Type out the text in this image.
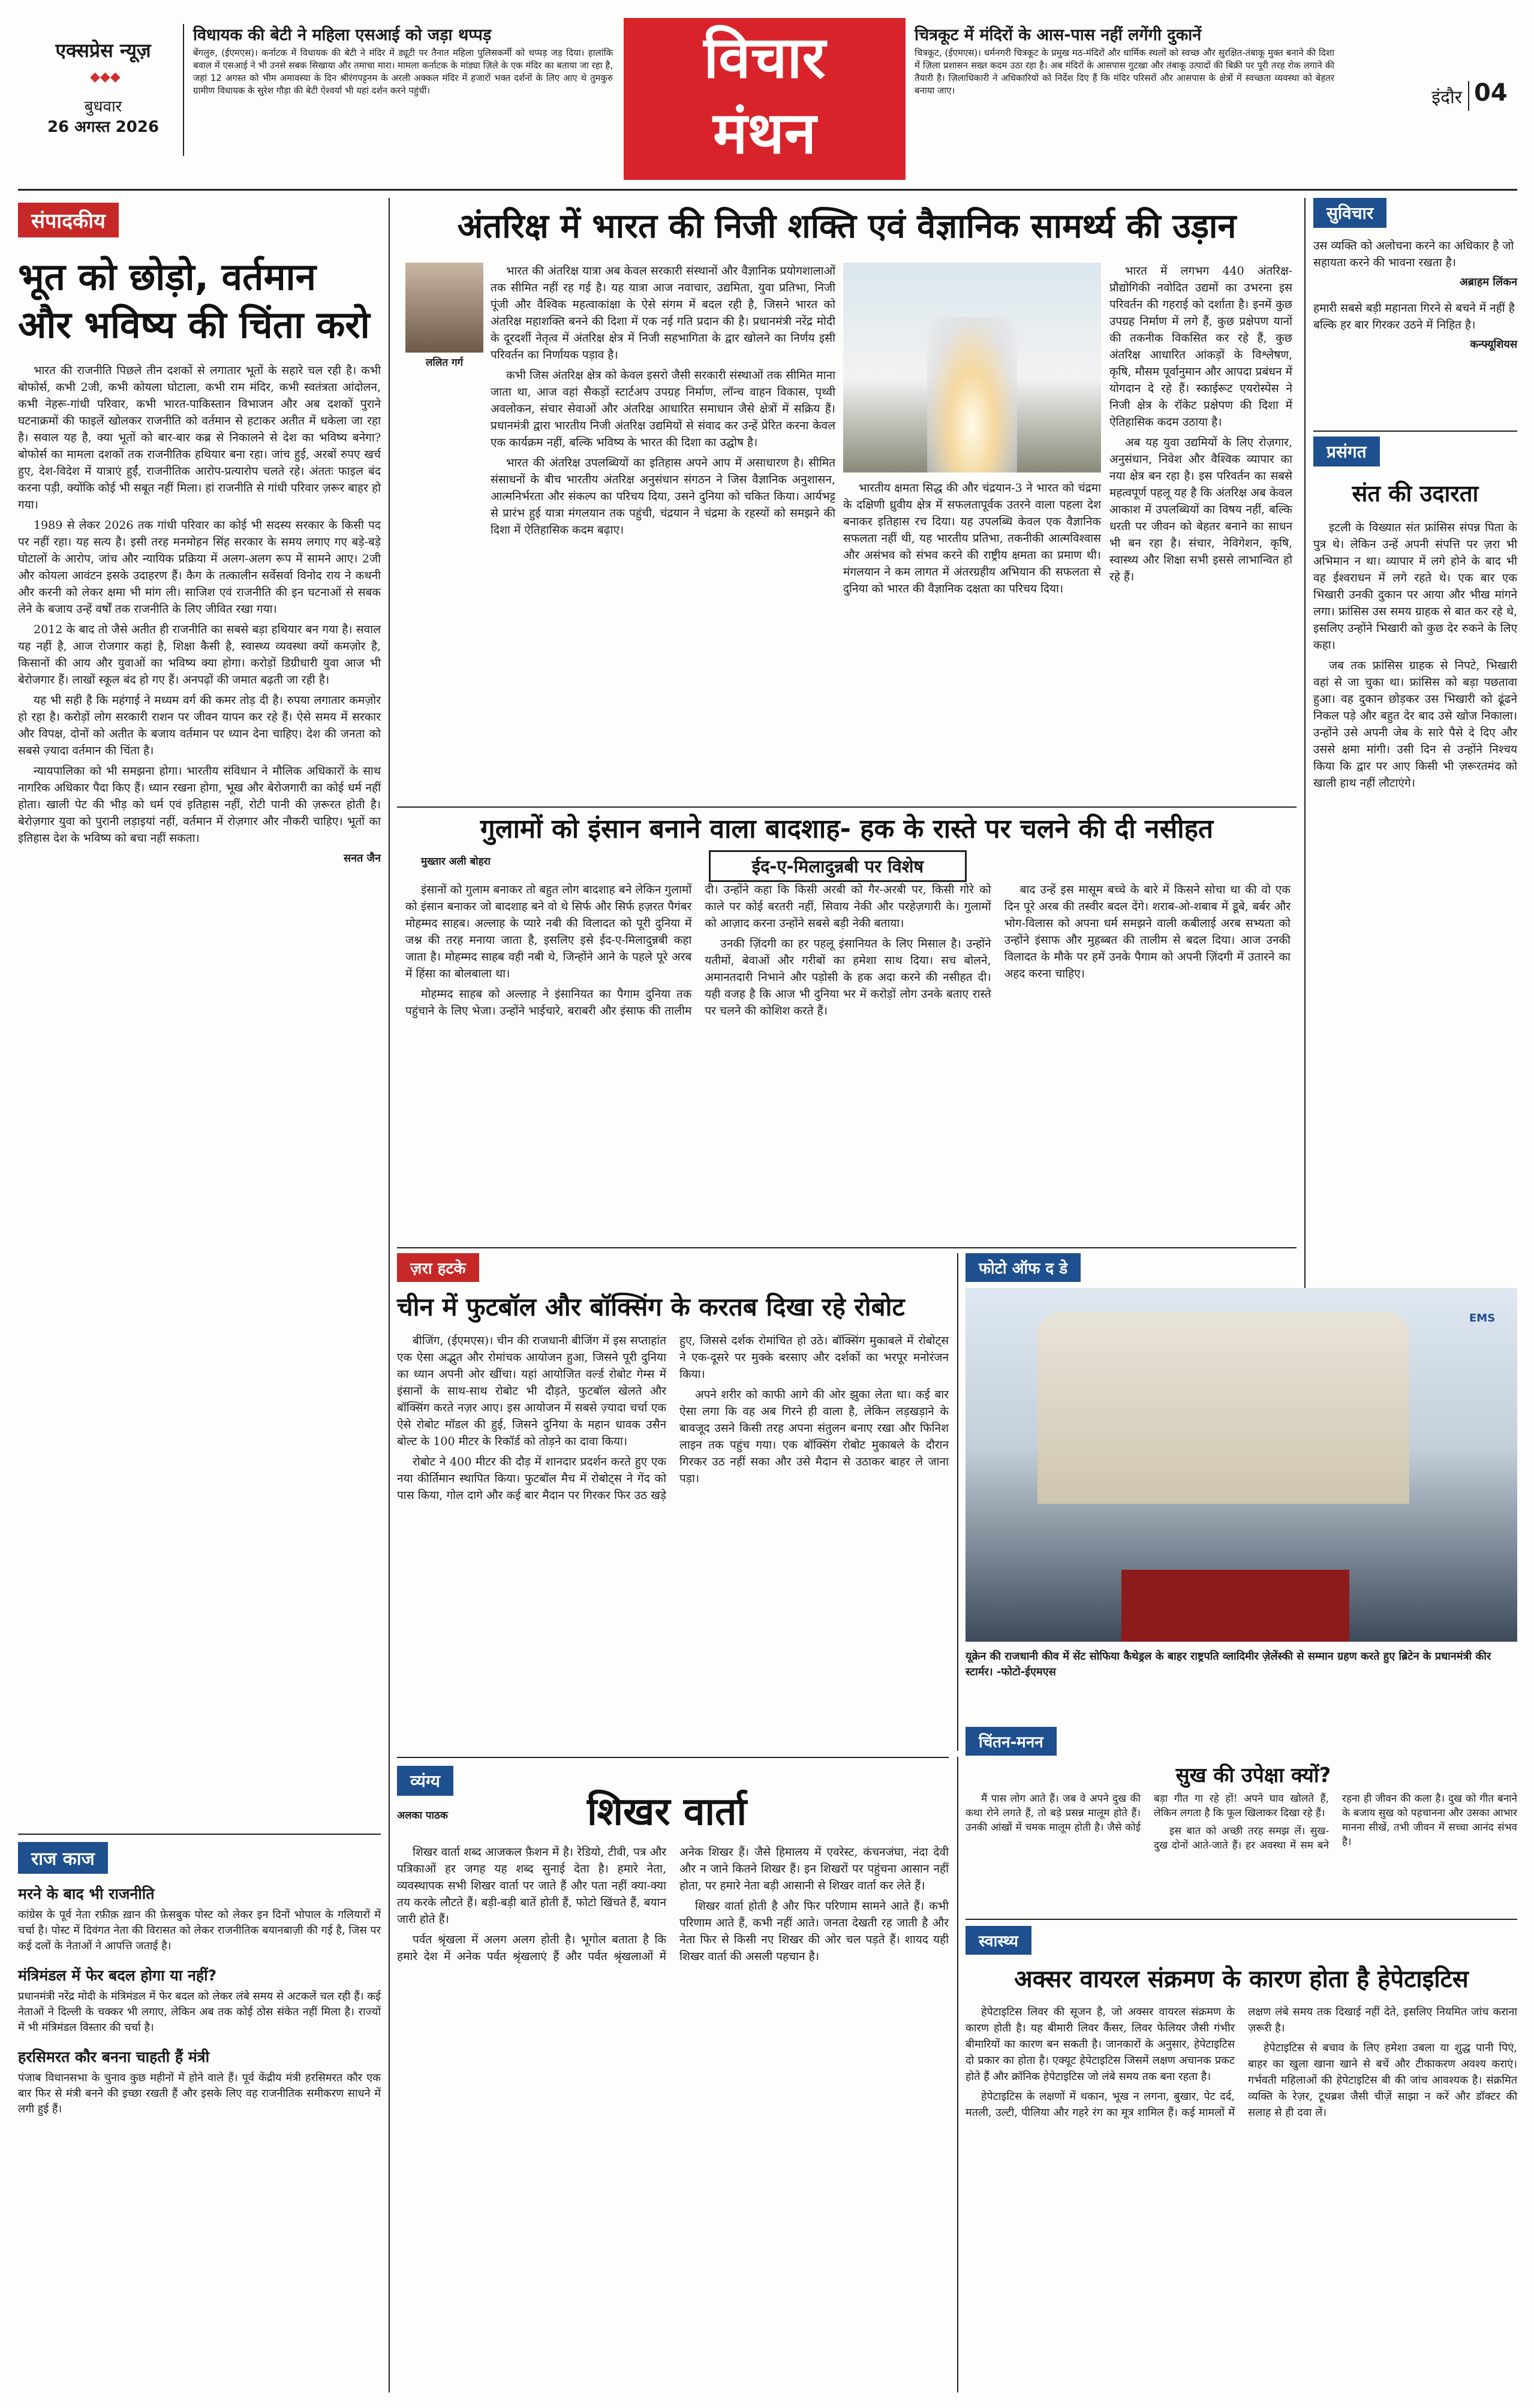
एक्सप्रेस न्यूज़
◆◆◆
बुधवार
26 अगस्त 2026
विधायक की बेटी ने महिला एसआई को जड़ा थप्पड़
बेंगलुरु, (ईएमएस)। कर्नाटक में विधायक की बेटी ने मंदिर में ड्यूटी पर तैनात महिला पुलिसकर्मी को थप्पड़ जड़ दिया। हालांकि बवाल में एसआई ने भी उनसे सबक सिखाया और तमाचा मारा। मामला कर्नाटक के मांड्या ज़िले के एक मंदिर का बताया जा रहा है, जहां 12 अगस्त को भीम अमावस्या के दिन श्रीरंगपट्टनम के अरली अक्कल मंदिर में हजारों भक्त दर्शनों के लिए आए थे तुमकुरु ग्रामीण विधायक के सुरेश गौड़ा की बेटी ऐश्वर्या भी यहां दर्शन करने पहुंचीं।	विचार
मंथन
चित्रकूट में मंदिरों के आस-पास नहीं लगेंगी दुकानें
चित्रकूट, (ईएमएस)। धर्मनगरी चित्रकूट के प्रमुख मठ-मंदिरों और धार्मिक स्थलों को स्वच्छ और सुरक्षित-तंबाकू मुक्त बनाने की दिशा में ज़िला प्रशासन सख्त कदम उठा रहा है। अब मंदिरों के आसपास गुटखा और तंबाकू उत्पादों की बिक्री पर पूरी तरह रोक लगाने की तैयारी है। ज़िलाधिकारी ने अधिकारियों को निर्देश दिए हैं कि मंदिर परिसरों और आसपास के क्षेत्रों में स्वच्छता व्यवस्था को बेहतर बनाया जाए।	इंदौर 04
संपादकीय
भूत को छोड़ो, वर्तमान और भविष्य की चिंता करो

भारत की राजनीति पिछले तीन दशकों से लगातार भूतों के सहारे चल रही है। कभी बोफोर्स, कभी 2जी, कभी कोयला घोटाला, कभी राम मंदिर, कभी स्वतंत्रता आंदोलन, कभी नेहरू-गांधी परिवार, कभी भारत-पाकिस्तान विभाजन और अब दशकों पुराने घटनाक्रमों की फाइलें खोलकर राजनीति को वर्तमान से हटाकर अतीत में धकेला जा रहा है। सवाल यह है, क्या भूतों को बार-बार कब्र से निकालने से देश का भविष्य बनेगा? बोफोर्स का मामला दशकों तक राजनीतिक हथियार बना रहा। जांच हुई, अरबों रुपए खर्च हुए, देश-विदेश में यात्राएं हुईं, राजनीतिक आरोप-प्रत्यारोप चलते रहे। अंततः फाइल बंद करना पड़ी, क्योंकि कोई भी सबूत नहीं मिला। हां राजनीति से गांधी परिवार ज़रूर बाहर हो गया।

1989 से लेकर 2026 तक गांधी परिवार का कोई भी सदस्य सरकार के किसी पद पर नहीं रहा। यह सत्य है। इसी तरह मनमोहन सिंह सरकार के समय लगाए गए बड़े-बड़े घोटालों के आरोप, जांच और न्यायिक प्रक्रिया में अलग-अलग रूप में सामने आए। 2जी और कोयला आवंटन इसके उदाहरण हैं। कैग के तत्कालीन सर्वेसर्वा विनोद राय ने कथनी और करनी को लेकर क्षमा भी मांग ली। साजिश एवं राजनीति की इन घटनाओं से सबक लेने के बजाय उन्हें वर्षों तक राजनीति के लिए जीवित रखा गया।

2012 के बाद तो जैसे अतीत ही राजनीति का सबसे बड़ा हथियार बन गया है। सवाल यह नहीं है, आज रोजगार कहां है, शिक्षा कैसी है, स्वास्थ्य व्यवस्था क्यों कमज़ोर है, किसानों की आय और युवाओं का भविष्य क्या होगा। करोड़ों डिग्रीधारी युवा आज भी बेरोजगार हैं। लाखों स्कूल बंद हो गए हैं। अनपढ़ों की जमात बढ़ती जा रही है।

यह भी सही है कि महंगाई ने मध्यम वर्ग की कमर तोड़ दी है। रुपया लगातार कमज़ोर हो रहा है। करोड़ों लोग सरकारी राशन पर जीवन यापन कर रहे हैं। ऐसे समय में सरकार और विपक्ष, दोनों को अतीत के बजाय वर्तमान पर ध्यान देना चाहिए। देश की जनता को सबसे ज़्यादा वर्तमान की चिंता है।

न्यायपालिका को भी समझना होगा। भारतीय संविधान ने मौलिक अधिकारों के साथ नागरिक अधिकार पैदा किए हैं। ध्यान रखना होगा, भूख और बेरोजगारी का कोई धर्म नहीं होता। खाली पेट की भीड़ को धर्म एवं इतिहास नहीं, रोटी पानी की ज़रूरत होती है। बेरोज़गार युवा को पुरानी लड़ाइयां नहीं, वर्तमान में रोज़गार और नौकरी चाहिए। भूतों का इतिहास देश के भविष्य को बचा नहीं सकता।

सनत जैन
अंतरिक्ष में भारत की निजी शक्ति एवं वैज्ञानिक सामर्थ्य की उड़ान
ललित गर्ग

भारत की अंतरिक्ष यात्रा अब केवल सरकारी संस्थानों और वैज्ञानिक प्रयोगशालाओं तक सीमित नहीं रह गई है। यह यात्रा आज नवाचार, उद्यमिता, युवा प्रतिभा, निजी पूंजी और वैश्विक महत्वाकांक्षा के ऐसे संगम में बदल रही है, जिसने भारत को अंतरिक्ष महाशक्ति बनने की दिशा में एक नई गति प्रदान की है। प्रधानमंत्री नरेंद्र मोदी के दूरदर्शी नेतृत्व में अंतरिक्ष क्षेत्र में निजी सहभागिता के द्वार खोलने का निर्णय इसी परिवर्तन का निर्णायक पड़ाव है।

कभी जिस अंतरिक्ष क्षेत्र को केवल इसरो जैसी सरकारी संस्थाओं तक सीमित माना जाता था, आज वहां सैकड़ों स्टार्टअप उपग्रह निर्माण, लॉन्च वाहन विकास, पृथ्वी अवलोकन, संचार सेवाओं और अंतरिक्ष आधारित समाधान जैसे क्षेत्रों में सक्रिय हैं। प्रधानमंत्री द्वारा भारतीय निजी अंतरिक्ष उद्यमियों से संवाद कर उन्हें प्रेरित करना केवल एक कार्यक्रम नहीं, बल्कि भविष्य के भारत की दिशा का उद्घोष है।

भारत की अंतरिक्ष उपलब्धियों का इतिहास अपने आप में असाधारण है। सीमित संसाधनों के बीच भारतीय अंतरिक्ष अनुसंधान संगठन ने जिस वैज्ञानिक अनुशासन, आत्मनिर्भरता और संकल्प का परिचय दिया, उसने दुनिया को चकित किया। आर्यभट्ट से प्रारंभ हुई यात्रा मंगलयान तक पहुंची, चंद्रयान ने चंद्रमा के रहस्यों को समझने की दिशा में ऐतिहासिक कदम बढ़ाए।

भारतीय क्षमता सिद्ध की और चंद्रयान-3 ने भारत को चंद्रमा के दक्षिणी ध्रुवीय क्षेत्र में सफलतापूर्वक उतरने वाला पहला देश बनाकर इतिहास रच दिया। यह उपलब्धि केवल एक वैज्ञानिक सफलता नहीं थी, यह भारतीय प्रतिभा, तकनीकी आत्मविश्वास और असंभव को संभव करने की राष्ट्रीय क्षमता का प्रमाण थी। मंगलयान ने कम लागत में अंतरग्रहीय अभियान की सफलता से दुनिया को भारत की वैज्ञानिक दक्षता का परिचय दिया।

भारत में लगभग 440 अंतरिक्ष-प्रौद्योगिकी नवोदित उद्यमों का उभरना इस परिवर्तन की गहराई को दर्शाता है। इनमें कुछ उपग्रह निर्माण में लगे हैं, कुछ प्रक्षेपण यानों की तकनीक विकसित कर रहे हैं, कुछ अंतरिक्ष आधारित आंकड़ों के विश्लेषण, कृषि, मौसम पूर्वानुमान और आपदा प्रबंधन में योगदान दे रहे हैं। स्काईरूट एयरोस्पेस ने निजी क्षेत्र के रॉकेट प्रक्षेपण की दिशा में ऐतिहासिक कदम उठाया है।

अब यह युवा उद्यमियों के लिए रोज़गार, अनुसंधान, निवेश और वैश्विक व्यापार का नया क्षेत्र बन रहा है। इस परिवर्तन का सबसे महत्वपूर्ण पहलू यह है कि अंतरिक्ष अब केवल आकाश में उपलब्धियों का विषय नहीं, बल्कि धरती पर जीवन को बेहतर बनाने का साधन भी बन रहा है। संचार, नेविगेशन, कृषि, स्वास्थ्य और शिक्षा सभी इससे लाभान्वित हो रहे हैं।

गुलामों को इंसान बनाने वाला बादशाह- हक के रास्ते पर चलने की दी नसीहत
मुख्तार अली बोहरा	ईद-ए-मिलादुन्नबी पर विशेष

इंसानों को गुलाम बनाकर तो बहुत लोग बादशाह बने लेकिन गुलामों को इंसान बनाकर जो बादशाह बने वो थे सिर्फ और सिर्फ हज़रत पैगंबर मोहम्मद साहब। अल्लाह के प्यारे नबी की विलादत को पूरी दुनिया में जश्न की तरह मनाया जाता है, इसलिए इसे ईद-ए-मिलादुन्नबी कहा जाता है। मोहम्मद साहब वही नबी थे, जिन्होंने आने के पहले पूरे अरब में हिंसा का बोलबाला था।

मोहम्मद साहब को अल्लाह ने इंसानियत का पैगाम दुनिया तक पहुंचाने के लिए भेजा। उन्होंने भाईचारे, बराबरी और इंसाफ की तालीम दी। उन्होंने कहा कि किसी अरबी को गैर-अरबी पर, किसी गोरे को काले पर कोई बरतरी नहीं, सिवाय नेकी और परहेज़गारी के। गुलामों को आज़ाद करना उन्होंने सबसे बड़ी नेकी बताया।

उनकी ज़िंदगी का हर पहलू इंसानियत के लिए मिसाल है। उन्होंने यतीमों, बेवाओं और गरीबों का हमेशा साथ दिया। सच बोलने, अमानतदारी निभाने और पड़ोसी के हक अदा करने की नसीहत दी। यही वजह है कि आज भी दुनिया भर में करोड़ों लोग उनके बताए रास्ते पर चलने की कोशिश करते हैं।

बाद उन्हें इस मासूम बच्चे के बारे में किसने सोचा था की वो एक दिन पूरे अरब की तस्वीर बदल देंगे। शराब-ओ-शबाब में डूबे, बर्बर और भोग-विलास को अपना धर्म समझने वाली कबीलाई अरब सभ्यता को उन्होंने इंसाफ और मुहब्बत की तालीम से बदल दिया। आज उनकी विलादत के मौके पर हमें उनके पैगाम को अपनी ज़िंदगी में उतारने का अहद करना चाहिए।

ज़रा हटके
चीन में फुटबॉल और बॉक्सिंग के करतब दिखा रहे रोबोट

बीजिंग, (ईएमएस)। चीन की राजधानी बीजिंग में इस सप्ताहांत एक ऐसा अद्भुत और रोमांचक आयोजन हुआ, जिसने पूरी दुनिया का ध्यान अपनी ओर खींचा। यहां आयोजित वर्ल्ड रोबोट गेम्स में इंसानों के साथ-साथ रोबोट भी दौड़ते, फुटबॉल खेलते और बॉक्सिंग करते नज़र आए। इस आयोजन में सबसे ज़्यादा चर्चा एक ऐसे रोबोट मॉडल की हुई, जिसने दुनिया के महान धावक उसैन बोल्ट के 100 मीटर के रिकॉर्ड को तोड़ने का दावा किया।

रोबोट ने 400 मीटर की दौड़ में शानदार प्रदर्शन करते हुए एक नया कीर्तिमान स्थापित किया। फुटबॉल मैच में रोबोट्स ने गेंद को पास किया, गोल दागे और कई बार मैदान पर गिरकर फिर उठ खड़े हुए, जिससे दर्शक रोमांचित हो उठे। बॉक्सिंग मुकाबले में रोबोट्स ने एक-दूसरे पर मुक्के बरसाए और दर्शकों का भरपूर मनोरंजन किया।

अपने शरीर को काफी आगे की ओर झुका लेता था। कई बार ऐसा लगा कि वह अब गिरने ही वाला है, लेकिन लड़खड़ाने के बावजूद उसने किसी तरह अपना संतुलन बनाए रखा और फिनिश लाइन तक पहुंच गया। एक बॉक्सिंग रोबोट मुकाबले के दौरान गिरकर उठ नहीं सका और उसे मैदान से उठाकर बाहर ले जाना पड़ा।

फोटो ऑफ द डे
EMS
यूक्रेन की राजधानी कीव में सेंट सोफिया कैथेड्रल के बाहर राष्ट्रपति व्लादिमीर ज़ेलेंस्की से सम्मान ग्रहण करते हुए ब्रिटेन के प्रधानमंत्री कीर स्टार्मर। -फोटो-ईएमएस
सुविचार
उस व्यक्ति को अलोचना करने का अधिकार है जो सहायता करने की भावना रखता है।
अब्राहम लिंकन
हमारी सबसे बड़ी महानता गिरने से बचने में नहीं है बल्कि हर बार गिरकर उठने में निहित है।
कन्फ्यूशियस
प्रसंगत
संत की उदारता

इटली के विख्यात संत फ्रांसिस संपन्न पिता के पुत्र थे। लेकिन उन्हें अपनी संपत्ति पर ज़रा भी अभिमान न था। व्यापार में लगे होने के बाद भी वह ईश्वराधन में लगे रहते थे। एक बार एक भिखारी उनकी दुकान पर आया और भीख मांगने लगा। फ्रांसिस उस समय ग्राहक से बात कर रहे थे, इसलिए उन्होंने भिखारी को कुछ देर रुकने के लिए कहा।

जब तक फ्रांसिस ग्राहक से निपटे, भिखारी वहां से जा चुका था। फ्रांसिस को बड़ा पछतावा हुआ। वह दुकान छोड़कर उस भिखारी को ढूंढने निकल पड़े और बहुत देर बाद उसे खोज निकाला। उन्होंने उसे अपनी जेब के सारे पैसे दे दिए और उससे क्षमा मांगी। उसी दिन से उन्होंने निश्चय किया कि द्वार पर आए किसी भी ज़रूरतमंद को खाली हाथ नहीं लौटाएंगे।

राज काज
मरने के बाद भी राजनीति
कांग्रेस के पूर्व नेता रफ़ीक़ ख़ान की फ़ेसबुक पोस्ट को लेकर इन दिनों भोपाल के गलियारों में चर्चा है। पोस्ट में दिवंगत नेता की विरासत को लेकर राजनीतिक बयानबाज़ी की गई है, जिस पर कई दलों के नेताओं ने आपत्ति जताई है।
मंत्रिमंडल में फेर बदल होगा या नहीं?
प्रधानमंत्री नरेंद्र मोदी के मंत्रिमंडल में फेर बदल को लेकर लंबे समय से अटकलें चल रही हैं। कई नेताओं ने दिल्ली के चक्कर भी लगाए, लेकिन अब तक कोई ठोस संकेत नहीं मिला है। राज्यों में भी मंत्रिमंडल विस्तार की चर्चा है।
हरसिमरत कौर बनना चाहती हैं मंत्री
पंजाब विधानसभा के चुनाव कुछ महीनों में होने वाले हैं। पूर्व केंद्रीय मंत्री हरसिमरत कौर एक बार फिर से मंत्री बनने की इच्छा रखती हैं और इसके लिए वह राजनीतिक समीकरण साधने में लगी हुई हैं।
व्यंग्य
अलका पाठक	शिखर वार्ता

शिखर वार्ता शब्द आजकल फ़ैशन में है। रेडियो, टीवी, पत्र और पत्रिकाओं हर जगह यह शब्द सुनाई देता है। हमारे नेता, व्यवस्थापक सभी शिखर वार्ता पर जाते हैं और पता नहीं क्या-क्या तय करके लौटते हैं। बड़ी-बड़ी बातें होती हैं, फोटो खिंचते हैं, बयान जारी होते हैं।

पर्वत श्रृंखला में अलग अलग होती है। भूगोल बताता है कि हमारे देश में अनेक पर्वत श्रृंखलाएं हैं और पर्वत श्रृंखलाओं में अनेक शिखर हैं। जैसे हिमालय में एवरेस्ट, कंचनजंघा, नंदा देवी और न जाने कितने शिखर हैं। इन शिखरों पर पहुंचना आसान नहीं होता, पर हमारे नेता बड़ी आसानी से शिखर वार्ता कर लेते हैं।

शिखर वार्ता होती है और फिर परिणाम सामने आते हैं। कभी परिणाम आते हैं, कभी नहीं आते। जनता देखती रह जाती है और नेता फिर से किसी नए शिखर की ओर चल पड़ते हैं। शायद यही शिखर वार्ता की असली पहचान है।

चिंतन-मनन
सुख की उपेक्षा क्यों?

मैं पास लोग आते हैं। जब वे अपने दुख की कथा रोने लगते हैं, तो बड़े प्रसन्न मालूम होते हैं। उनकी आंखों में चमक मालूम होती है। जैसे कोई बड़ा गीत गा रहे हों! अपने घाव खोलते हैं, लेकिन लगता है कि फूल खिलाकर दिखा रहे हैं।

इस बात को अच्छी तरह समझ लें। सुख-दुख दोनों आते-जाते हैं। हर अवस्था में सम बने रहना ही जीवन की कला है। दुख को गीत बनाने के बजाय सुख को पहचानना और उसका आभार मानना सीखें, तभी जीवन में सच्चा आनंद संभव है।

स्वास्थ्य
अक्सर वायरल संक्रमण के कारण होता है हेपेटाइटिस

हेपेटाइटिस लिवर की सूजन है, जो अक्सर वायरल संक्रमण के कारण होती है। यह बीमारी लिवर कैंसर, लिवर फेलियर जैसी गंभीर बीमारियों का कारण बन सकती है। जानकारों के अनुसार, हेपेटाइटिस दो प्रकार का होता है। एक्यूट हेपेटाइटिस जिसमें लक्षण अचानक प्रकट होते हैं और क्रॉनिक हेपेटाइटिस जो लंबे समय तक बना रहता है।

हेपेटाइटिस के लक्षणों में थकान, भूख न लगना, बुखार, पेट दर्द, मतली, उल्टी, पीलिया और गहरे रंग का मूत्र शामिल हैं। कई मामलों में लक्षण लंबे समय तक दिखाई नहीं देते, इसलिए नियमित जांच कराना ज़रूरी है।

हेपेटाइटिस से बचाव के लिए हमेशा उबला या शुद्ध पानी पिएं, बाहर का खुला खाना खाने से बचें और टीकाकरण अवश्य कराएं। गर्भवती महिलाओं की हेपेटाइटिस बी की जांच आवश्यक है। संक्रमित व्यक्ति के रेज़र, टूथब्रश जैसी चीज़ें साझा न करें और डॉक्टर की सलाह से ही दवा लें।
